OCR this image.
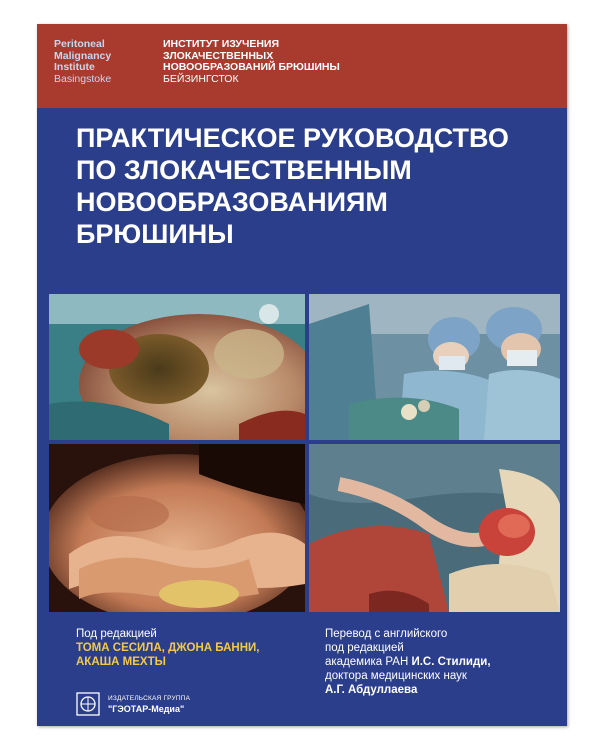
Peritoneal
Malignancy
Institute
Basingstoke
ИНСТИТУТ ИЗУЧЕНИЯ
ЗЛОКАЧЕСТВЕННЫХ
НОВООБРАЗОВАНИЙ БРЮШИНЫ
БЕЙЗИНГСТОК
ПРАКТИЧЕСКОЕ РУКОВОДСТВО
ПО ЗЛОКАЧЕСТВЕННЫМ
НОВООБРАЗОВАНИЯМ
БРЮШИНЫ
Под редакцией
ТОМА СЕСИЛА, ДЖОНА БАННИ,
АКАША МЕХТЫ
Перевод с английского
под редакцией
академика РАН И.С. Стилиди,
доктора медицинских наук
А.Г. Абдуллаева
ИЗДАТЕЛЬСКАЯ ГРУППА
"ГЭОТАР-Медиа"
